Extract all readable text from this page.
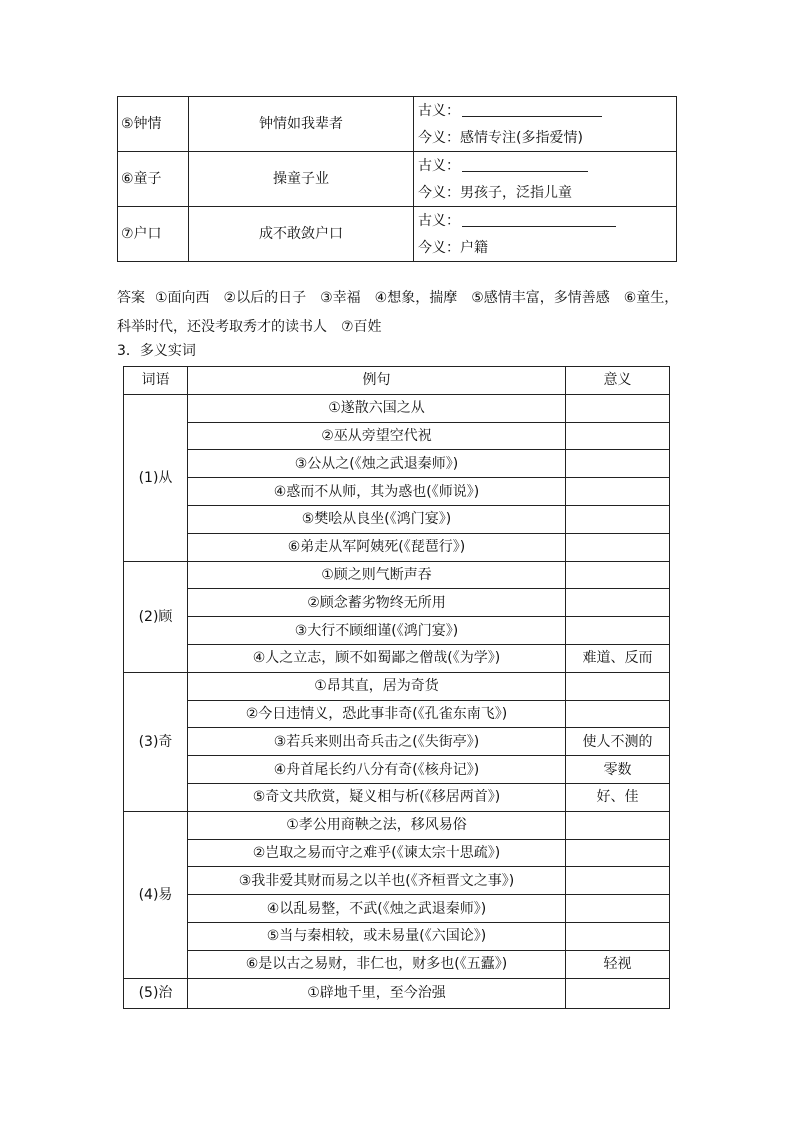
⑤钟情	钟情如我辈者	古义：
今义： 感情专注(多指爱情)

⑥童子	操童子业	古义：
今义： 男孩子，泛指儿童

⑦户口	成不敢敛户口	古义：
今义： 户籍
答案 ①面向西　②以后的日子　③幸福　④想象，揣摩　⑤感情丰富，多情善感　⑥童生，
科举时代，还没考取秀才的读书人　⑦百姓
3．多义实词
词语	例句	意义
(1)从	①遂散六国之从	
	②巫从旁望空代祝	
	③公从之(《烛之武退秦师》)	
	④惑而不从师，其为惑也(《师说》)	
	⑤樊哙从良坐(《鸿门宴》)	
	⑥弟走从军阿姨死(《琵琶行》)	
(2)顾	①顾之则气断声吞	
	②顾念蓄劣物终无所用	
	③大行不顾细谨(《鸿门宴》)	
	④人之立志，顾不如蜀鄙之僧哉(《为学》)	难道、反而
(3)奇	①昂其直，居为奇货	
	②今日违情义，恐此事非奇(《孔雀东南飞》)	
	③若兵来则出奇兵击之(《失街亭》)	使人不测的
	④舟首尾长约八分有奇(《核舟记》)	零数
	⑤奇文共欣赏，疑义相与析(《移居两首》)	好、佳
(4)易	①孝公用商鞅之法，移风易俗	
	②岂取之易而守之难乎(《谏太宗十思疏》)	
	③我非爱其财而易之以羊也(《齐桓晋文之事》)	
	④以乱易整，不武(《烛之武退秦师》)	
	⑤当与秦相较，或未易量(《六国论》)	
	⑥是以古之易财，非仁也，财多也(《五蠹》)	轻视
(5)治	①辟地千里，至今治强	
